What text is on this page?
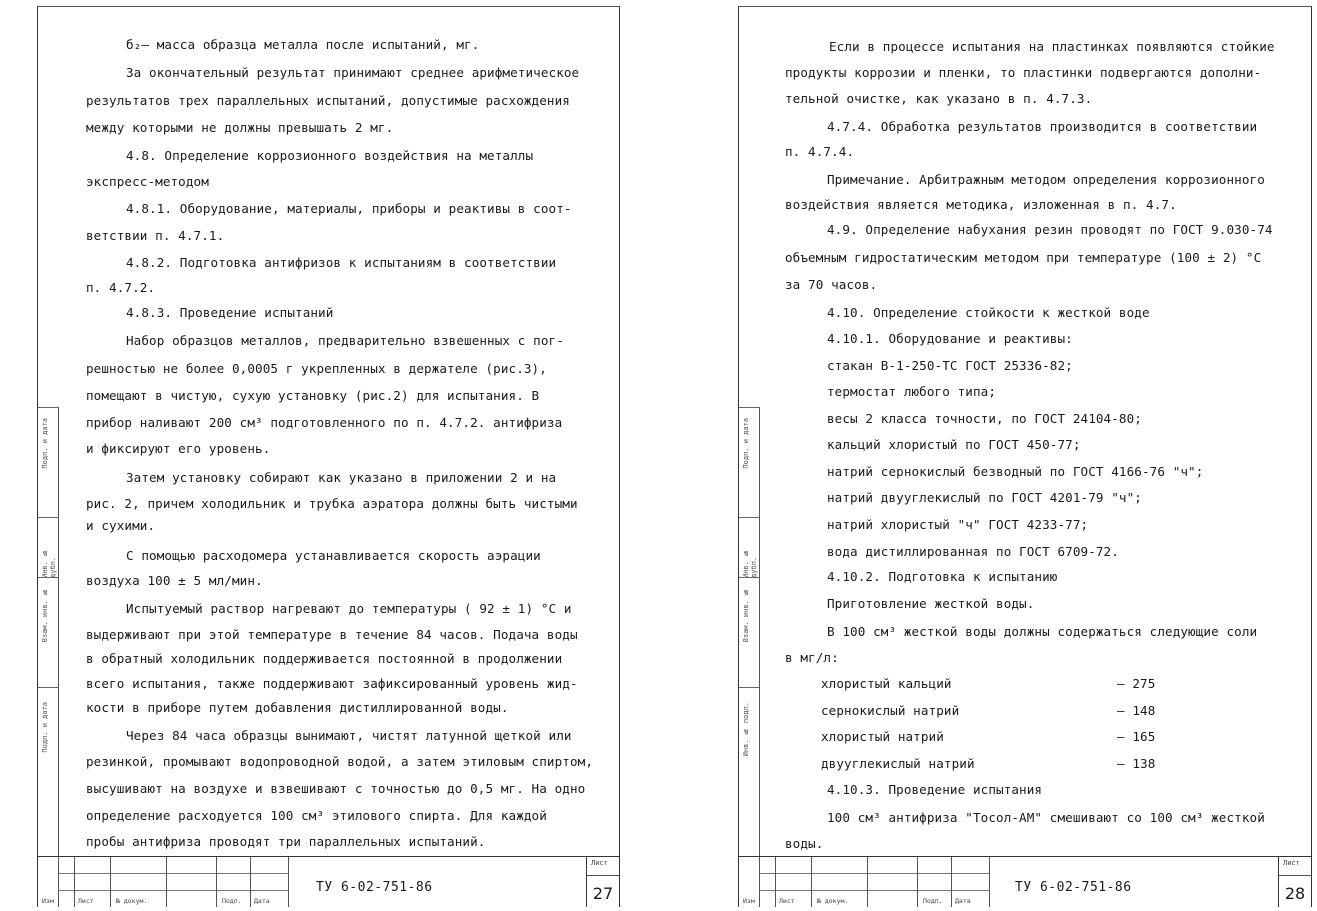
Подп. и дата
Инв. № дубл.
Взам. инв. №
Подп. и дата
б₂– масса образца металла после испытаний, мг.
За окончательный результат принимают среднее арифметическое
результатов трех параллельных испытаний, допустимые расхождения
между которыми не должны превышать 2 мг.
4.8. Определение коррозионного воздействия на металлы
экспресс-методом
4.8.1. Оборудование, материалы, приборы и реактивы в соот-
ветствии п. 4.7.1.
4.8.2. Подготовка антифризов к испытаниям в соответствии
п. 4.7.2.
4.8.3. Проведение испытаний
Набор образцов металлов, предварительно взвешенных с пог-
решностью не более 0,0005 г укрепленных в держателе (рис.3),
помещают в чистую, сухую установку (рис.2) для испытания. В
прибор наливают 200 см³ подготовленного по п. 4.7.2. антифриза
и фиксируют его уровень.
Затем установку собирают как указано в приложении 2 и на
рис. 2, причем холодильник и трубка аэратора должны быть чистыми
и сухими.
С помощью расходомера устанавливается скорость аэрации
воздуха 100 ± 5 мл/мин.
Испытуемый раствор нагревают до температуры ( 92 ± 1) °С и
выдерживают при этой температуре в течение 84 часов. Подача воды
в обратный холодильник поддерживается постоянной в продолжении
всего испытания, также поддерживают зафиксированный уровень жид-
кости в приборе путем добавления дистиллированной воды.
Через 84 часа образцы вынимают, чистят латунной щеткой или
резинкой, промывают водопроводной водой, а затем этиловым спиртом,
высушивают на воздухе и взвешивают с точностью до 0,5 мг. На одно
определение расходуется 100 см³ этилового спирта. Для каждой
пробы антифриза проводят три параллельных испытаний.
Изм	Лист	№ докум.	Подп. Дата
ТУ 6-02-751-86
Лист
27
Подп. и дата
Инв. № дубл.
Взам. инв. №
Инв. № подл.
Если в процессе испытания на пластинках появляются стойкие
продукты коррозии и пленки, то пластинки подвергаются дополни-
тельной очистке, как указано в п. 4.7.3.
4.7.4. Обработка результатов производится в соответствии
п. 4.7.4.
Примечание. Арбитражным методом определения коррозионного
воздействия является методика, изложенная в п. 4.7.
4.9. Определение набухания резин проводят по ГОСТ 9.030-74
объемным гидростатическим методом при температуре (100 ± 2) °С
за 70 часов.
4.10. Определение стойкости к жесткой воде
4.10.1. Оборудование и реактивы:
стакан В-1-250-ТС ГОСТ 25336-82;
термостат любого типа;
весы 2 класса точности, по ГОСТ 24104-80;
кальций хлористый по ГОСТ 450-77;
натрий сернокислый безводный по ГОСТ 4166-76 "ч";
натрий двууглекислый по ГОСТ 4201-79 "ч";
натрий хлористый "ч" ГОСТ 4233-77;
вода дистиллированная по ГОСТ 6709-72.
4.10.2. Подготовка к испытанию
Приготовление жесткой воды.
В 100 см³ жесткой воды должны содержаться следующие соли
в мг/л:
хлористый кальций	– 275
сернокислый натрий	– 148
хлористый натрий	– 165
двууглекислый натрий	– 138
4.10.3. Проведение испытания
100 см³ антифриза "Тосол-АМ" смешивают со 100 см³ жесткой
воды.
Изм	Лист	№ докум.	Подп. Дата
ТУ 6-02-751-86
Лист
28
